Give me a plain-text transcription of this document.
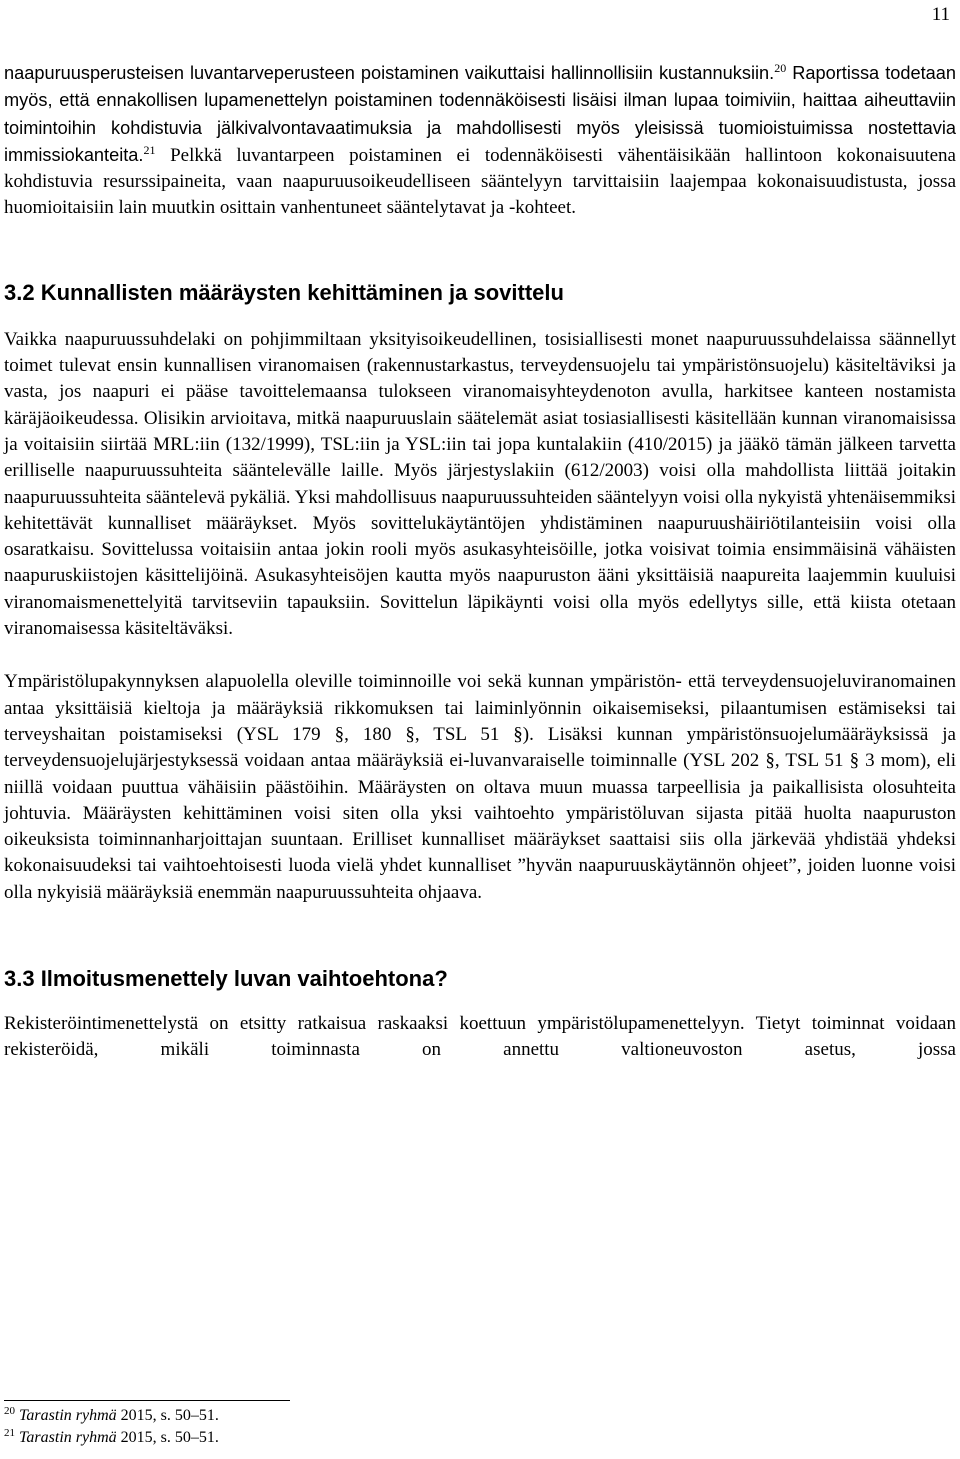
11

naapuruusperusteisen luvantarveperusteen poistaminen vaikuttaisi hallinnollisiin kustannuksiin.$^{20}$ Raportissa todetaan myös, että ennakollisen lupamenettelyn poistaminen todennäköisesti lisäisi ilman lupaa toimiviin, haittaa aiheuttaviin toimintoihin kohdistuvia jälkivalvontavaatimuksia ja mahdollisesti myös yleisissä tuomioistuimissa nostettavia immissiokanteita.$^{21}$ Pelkkä luvantarpeen poistaminen ei todennäköisesti vähentäisikään hallintoon kokonaisuutena kohdistuvia resurssipaineita, vaan naapuruusoikeudelliseen sääntelyyn tarvittaisiin laajempaa kokonaisuudistusta, jossa huomioitaisiin lain muutkin osittain vanhentuneet sääntelytavat ja -kohteet.

3.2 Kunnallisten määräysten kehittäminen ja sovittelu

Vaikka naapuruussuhdelaki on pohjimmiltaan yksityisoikeudellinen, tosisiallisesti monet naapuruussuhdelaissa säännellyt toimet tulevat ensin kunnallisen viranomaisen (rakennustarkastus, terveydensuojelu tai ympäristönsuojelu) käsiteltäviksi ja vasta, jos naapuri ei pääse tavoittelemaansa tulokseen viranomaisyhteydenoton avulla, harkitsee kanteen nostamista käräjäoikeudessa. Olisikin arvioitava, mitkä naapuruuslain säätelemät asiat tosiasiallisesti käsitellään kunnan viranomaisissa ja voitaisiin siirtää MRL:iin (132/1999), TSL:iin ja YSL:iin tai jopa kuntalakiin (410/2015) ja jääkö tämän jälkeen tarvetta erilliselle naapuruussuhteita sääntelevälle laille. Myös järjestyslakiin (612/2003) voisi olla mahdollista liittää joitakin naapuruussuhteita sääntelevä pykäliä. Yksi mahdollisuus naapuruussuhteiden sääntelyyn voisi olla nykyistä yhtenäisemmiksi kehitettävät kunnalliset määräykset. Myös sovittelukäytäntöjen yhdistäminen naapuruushäiriötilanteisiin voisi olla osaratkaisu. Sovittelussa voitaisiin antaa jokin rooli myös asukasyhteisöille, jotka voisivat toimia ensimmäisinä vähäisten naapuruskiistojen käsittelijöinä. Asukasyhteisöjen kautta myös naapuruston ääni yksittäisiä naapureita laajemmin kuuluisi viranomaismenettelyitä tarvitseviin tapauksiin. Sovittelun läpikäynti voisi olla myös edellytys sille, että kiista otetaan viranomaisessa käsiteltäväksi.

Ympäristölupakynnyksen alapuolella oleville toiminnoille voi sekä kunnan ympäristön- että terveydensuojeluviranomainen antaa yksittäisiä kieltoja ja määräyksiä rikkomuksen tai laiminlyönnin oikaisemiseksi, pilaantumisen estämiseksi tai terveyshaitan poistamiseksi (YSL 179 §, 180 §, TSL 51 §). Lisäksi kunnan ympäristönsuojelumääräyksissä ja terveydensuojelujärjestyksessä voidaan antaa määräyksiä ei-luvanvaraiselle toiminnalle (YSL 202 §, TSL 51 § 3 mom), eli niillä voidaan puuttua vähäisiin päästöihin. Määräysten on oltava muun muassa tarpeellisia ja paikallisista olosuhteita johtuvia. Määräysten kehittäminen voisi siten olla yksi vaihtoehto ympäristöluvan sijasta pitää huolta naapuruston oikeuksista toiminnanharjoittajan suuntaan. Erilliset kunnalliset määräykset saattaisi siis olla järkevää yhdistää yhdeksi kokonaisuudeksi tai vaihtoehtoisesti luoda vielä yhdet kunnalliset ”hyvän naapuruuskäytännön ohjeet”, joiden luonne voisi olla nykyisiä määräyksiä enemmän naapuruussuhteita ohjaava.

3.3 Ilmoitusmenettely luvan vaihtoehtona?

Rekisteröintimenettelystä on etsitty ratkaisua raskaaksi koettuun ympäristölupamenettelyyn. Tietyt toiminnat voidaan rekisteröidä, mikäli toiminnasta on annettu valtioneuvoston asetus, jossa

$^{20}$ Tarastin ryhmä 2015, s. 50–51.
$^{21}$ Tarastin ryhmä 2015, s. 50–51.
